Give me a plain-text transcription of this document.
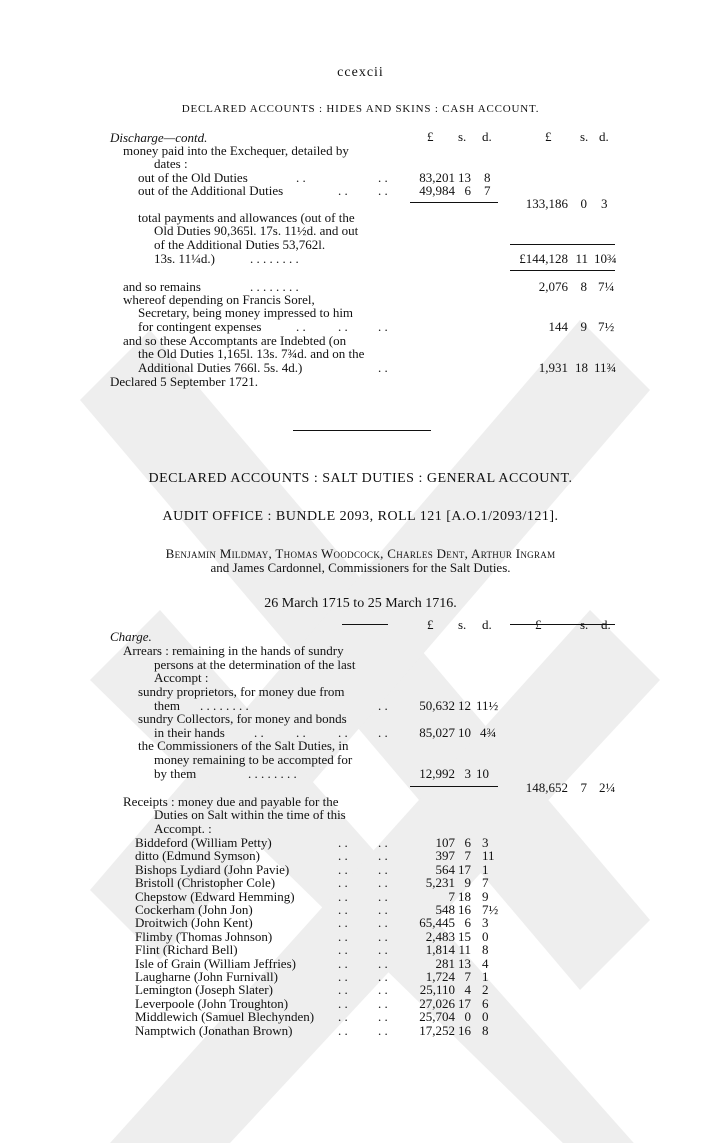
ccexcii
DECLARED ACCOUNTS : HIDES AND SKINS : CASH ACCOUNT.
£ s. d.	£ s. d.
Discharge—contd.
money paid into the Exchequer, detailed by
dates :
out of the Old Duties	. .	. .	83,201 13 8
out of the Additional Duties	. . . .	49,984 6 7
133,186 0 3
total payments and allowances (out of the
Old Duties 90,365l. 17s. 11½d. and out
of the Additional Duties 53,762l.
13s. 11¼d.)	. . . . . . . .	£144,128 11 10¾
and so remains	. . . . . . . .	2,076 8 7¼
whereof depending on Francis Sorel,
Secretary, being money impressed to him
for contingent expenses	. . . . . .	144 9 7½
and so these Accomptants are Indebted (on
the Old Duties 1,165l. 13s. 7¾d. and on the
Additional Duties 766l. 5s. 4d.)	. .	1,931 18 11¾
Declared 5 September 1721.
DECLARED ACCOUNTS : SALT DUTIES : GENERAL ACCOUNT.
AUDIT OFFICE : BUNDLE 2093, ROLL 121 [A.O.1/2093/121].
Benjamin Mildmay, Thomas Woodcock, Charles Dent, Arthur Ingram
and James Cardonnel, Commissioners for the Salt Duties.
26 March 1715 to 25 March 1716.
£ s. d.	£	s. d.
Charge.
Arrears : remaining in the hands of sundry
persons at the determination of the last
Accompt :
sundry proprietors, for money due from
them . . . . . . . .	. .	50,632 12 11½
sundry Collectors, for money and bonds
in their hands . . . . . . . .	85,027 10 4¾
the Commissioners of the Salt Duties, in
money remaining to be accompted for
by them	. . . . . . . .	12,992 3 10
148,652 7 2¼
Receipts : money due and payable for the
Duties on Salt within the time of this
Accompt. :
Biddeford (William Petty)	. . . .	107 6 3
ditto (Edmund Symson)	. . . .	397 7 11
Bishops Lydiard (John Pavie)	. . . .	564 17 1
Bristoll (Christopher Cole)	. . . .	5,231 9 7
Chepstow (Edward Hemming)	. . . .	7 18 9
Cockerham (John Jon)	. . . .	548 16 7½
Droitwich (John Kent)	. . . .	65,445 6 3
Flimby (Thomas Johnson)	. . . .	2,483 15 0
Flint (Richard Bell)	. . . .	1,814 11 8
Isle of Grain (William Jeffries)	. . . .	281 13 4
Laugharne (John Furnivall)	. . . .	1,724 7 1
Lemington (Joseph Slater)	. . . .	25,110 4 2
Leverpoole (John Troughton)	. . . .	27,026 17 6
Middlewich (Samuel Blechynden) . . . .	25,704 0 0
Namptwich (Jonathan Brown)	. . . .	17,252 16 8
